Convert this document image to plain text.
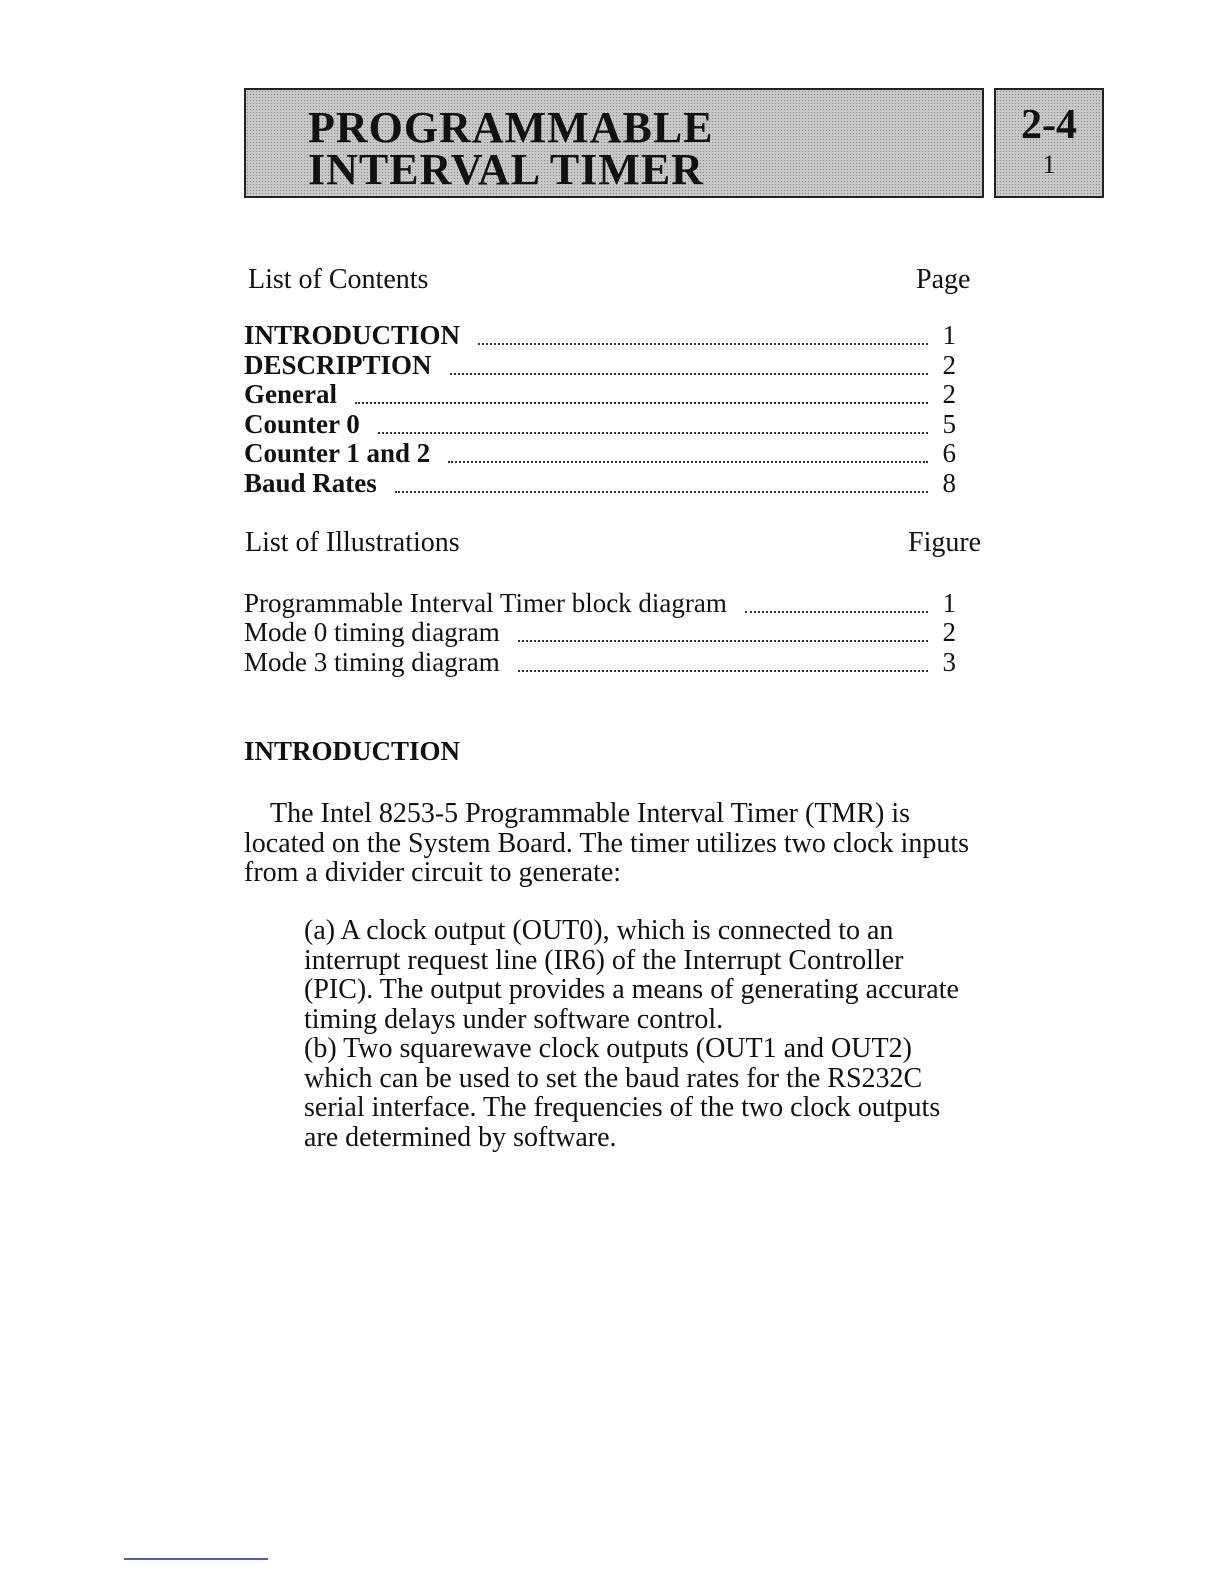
PROGRAMMABLE
INTERVAL TIMER
2-4
1
List of Contents	Page
INTRODUCTION	1
DESCRIPTION	2
General	2
Counter 0	5
Counter 1 and 2	6
Baud Rates	8
List of Illustrations	Figure
Programmable Interval Timer block diagram	1
Mode 0 timing diagram	2
Mode 3 timing diagram	3
INTRODUCTION

The Intel 8253-5 Programmable Interval Timer (TMR) is located on the System Board. The timer utilizes two clock inputs from a divider circuit to generate:

(a) A clock output (OUT0), which is connected to an interrupt request line (IR6) of the Interrupt Controller (PIC). The output provides a means of generating accurate timing delays under software control.

(b) Two squarewave clock outputs (OUT1 and OUT2) which can be used to set the baud rates for the RS232C serial interface. The frequencies of the two clock outputs are determined by software.
